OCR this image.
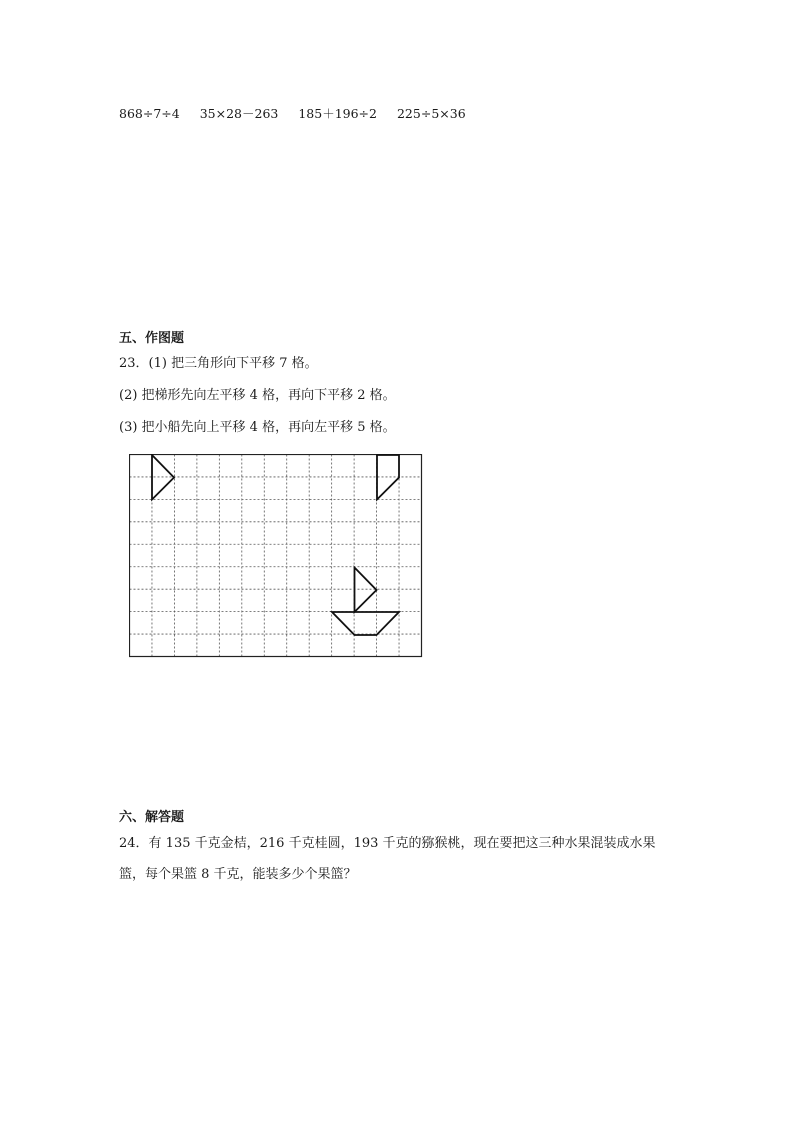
868÷7÷4 35×28－263 185＋196÷2 225÷5×36
五、作图题
23．(1) 把三角形向下平移 7 格。
(2) 把梯形先向左平移 4 格，再向下平移 2 格。
(3) 把小船先向上平移 4 格，再向左平移 5 格。
六、解答题
24．有 135 千克金桔，216 千克桂圆，193 千克的猕猴桃，现在要把这三种水果混装成水果
篮，每个果篮 8 千克，能装多少个果篮？
